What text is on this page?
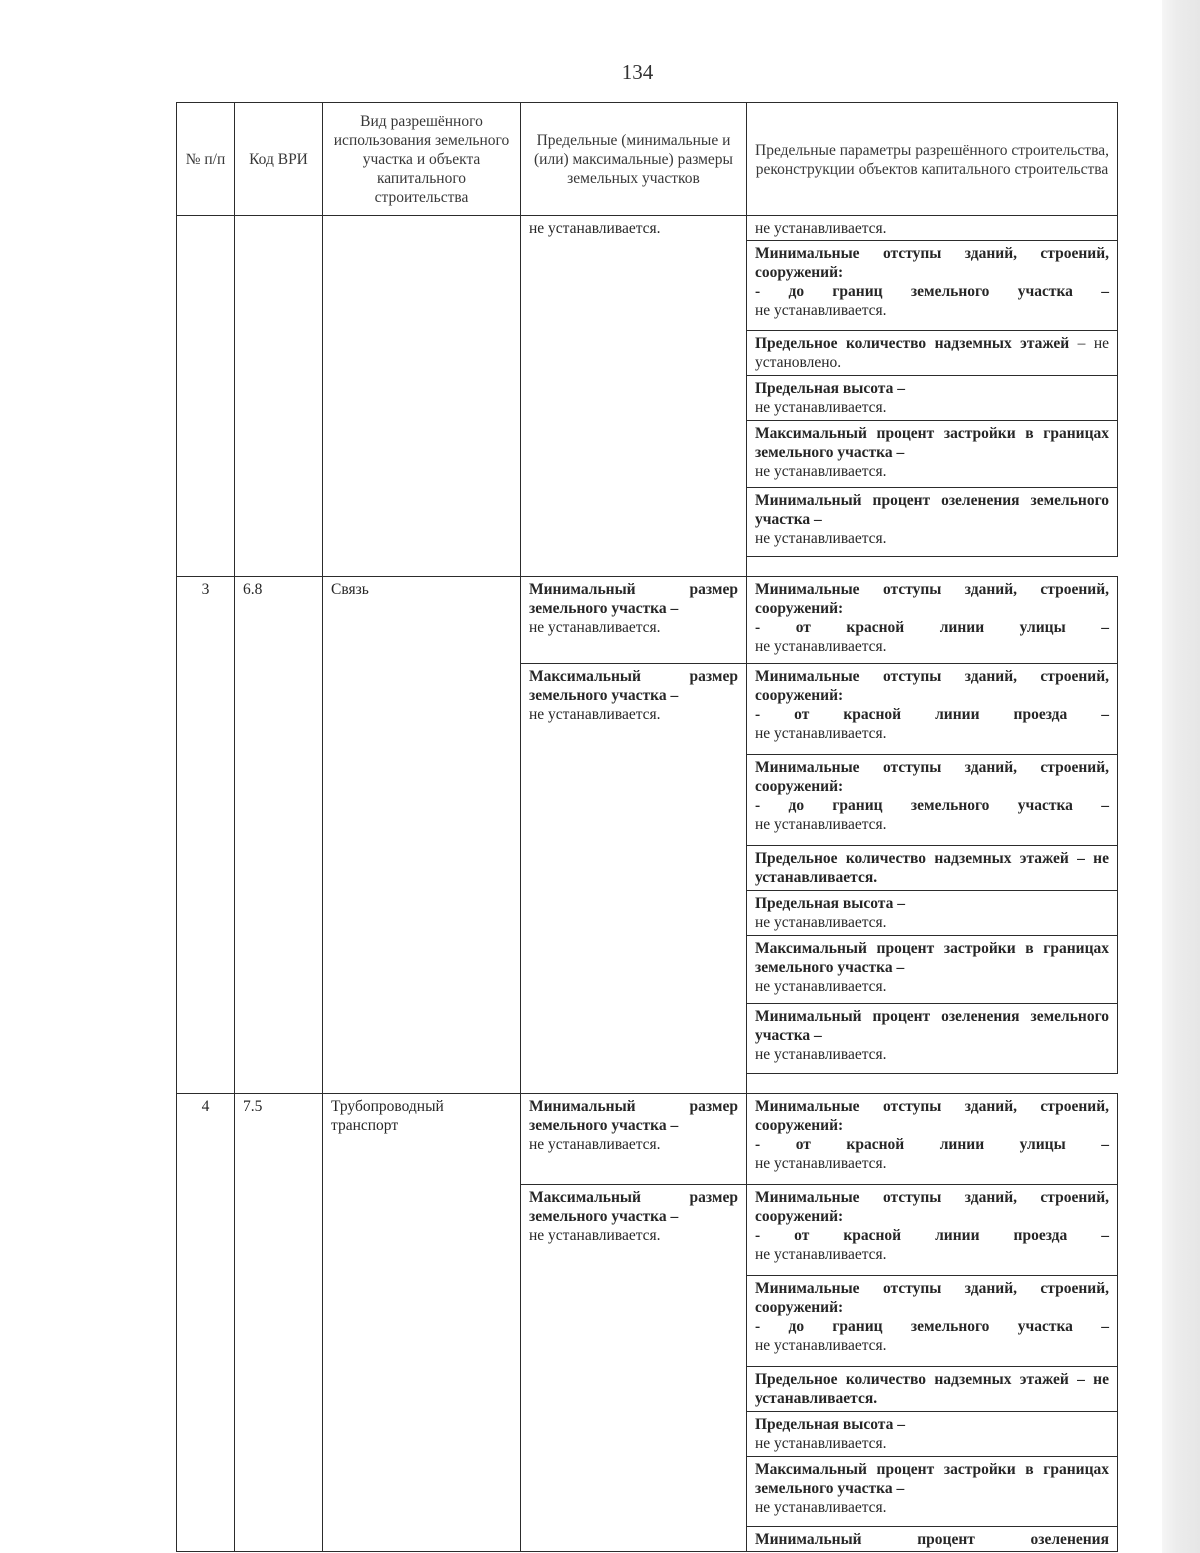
134
№ п/п	Код ВРИ	Вид разрешённого использования земельного участка и объекта капитального строительства	Предельные (минимальные и (или) максимальные) размеры земельных участков	Предельные параметры разрешённого строительства, реконструкции объектов капитального строительства
			не устанавливается.	не устанавливается.
				Минимальные отступы зданий, строений, сооружений:

- до границ земельного участка –
не устанавливается.
				Предельное количество надземных этажей – не установлено.
				Предельная высота –
не устанавливается.
				Максимальный процент застройки в границах земельного участка –
не устанавливается.
				Минимальный процент озеленения земельного участка –
не устанавливается.

3	6.8	Связь	Минимальный размер земельного участка –
не устанавливается.	Минимальные отступы зданий, строений, сооружений:

- от красной линии улицы –
не устанавливается.
			Максимальный размер земельного участка –
не устанавливается.	Минимальные отступы зданий, строений, сооружений:

- от красной линии проезда –
не устанавливается.
				Минимальные отступы зданий, строений, сооружений:

- до границ земельного участка –
не устанавливается.
				Предельное количество надземных этажей – не устанавливается.
				Предельная высота –
не устанавливается.
				Максимальный процент застройки в границах земельного участка –
не устанавливается.
				Минимальный процент озеленения земельного участка –
не устанавливается.

4	7.5	Трубопроводный транспорт	Минимальный размер земельного участка –
не устанавливается.	Минимальные отступы зданий, строений, сооружений:

- от красной линии улицы –
не устанавливается.
			Максимальный размер земельного участка –
не устанавливается.	Минимальные отступы зданий, строений, сооружений:

- от красной линии проезда –
не устанавливается.
				Минимальные отступы зданий, строений, сооружений:

- до границ земельного участка –
не устанавливается.
				Предельное количество надземных этажей – не устанавливается.
				Предельная высота –
не устанавливается.
				Максимальный процент застройки в границах земельного участка –
не устанавливается.

				Минимальный процент озеленения
